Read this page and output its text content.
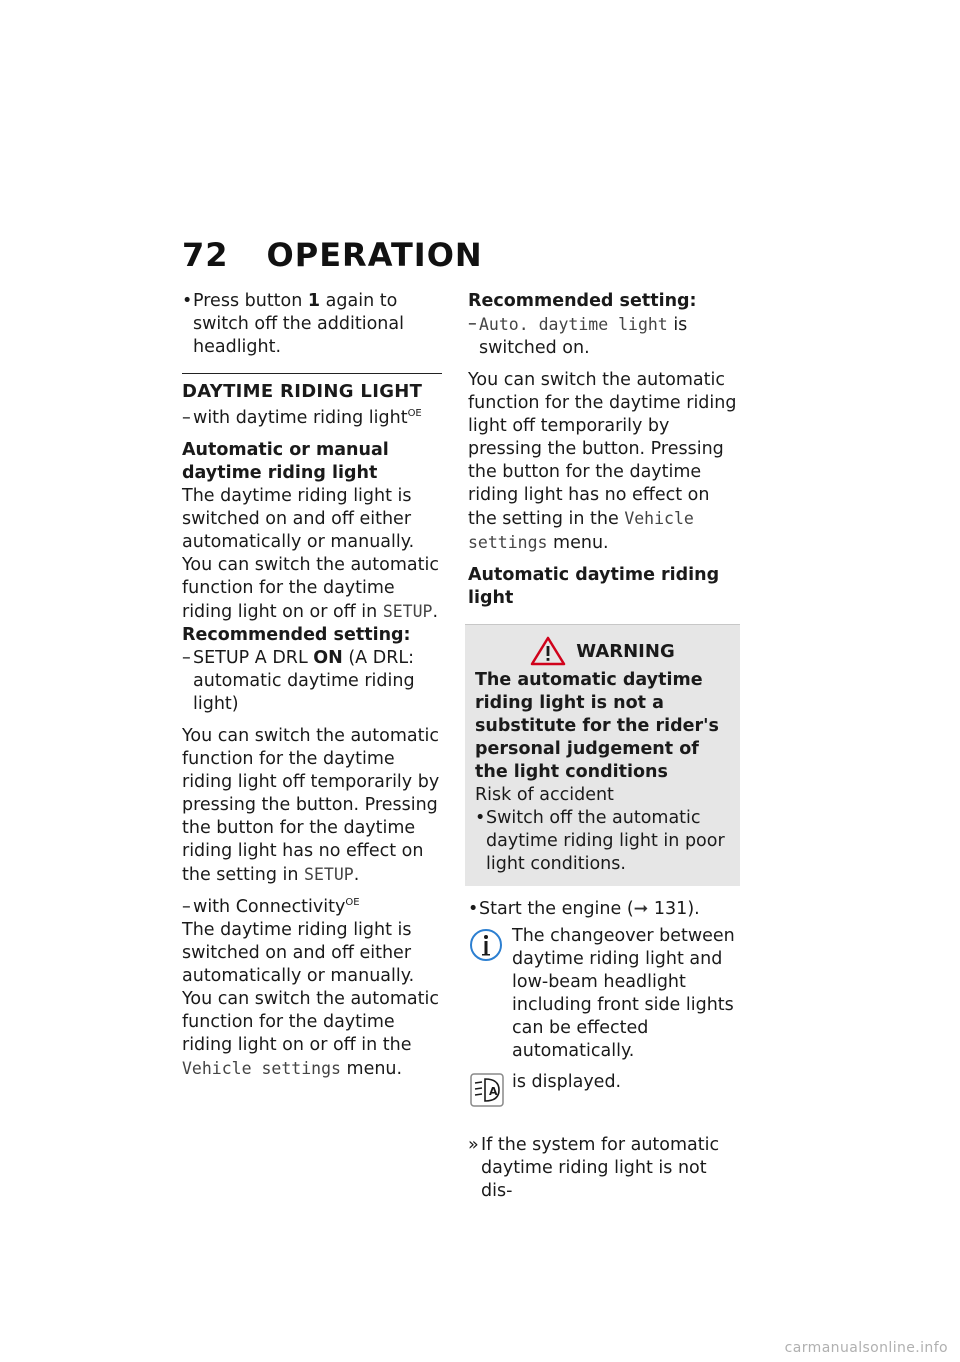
72 OPERATION

• Press button 1 again to switch off the additional headlight.

DAYTIME RIDING LIGHT

– with daytime riding light$^{OE}$

Automatic or manual daytime riding light

The daytime riding light is switched on and off either automatically or manually.

You can switch the automatic function for the daytime riding light on or off in SETUP.

Recommended setting:

– SETUP A DRL ON (A DRL: automatic daytime riding light)

You can switch the automatic function for the daytime riding light off temporarily by pressing the button. Pressing the button for the daytime riding light has no effect on the setting in SETUP.

– with Connectivity$^{OE}$

The daytime riding light is switched on and off either automatically or manually.

You can switch the automatic function for the daytime riding light on or off in the Vehicle settings menu.

Recommended setting:

– Auto. daytime light is switched on.

You can switch the automatic function for the daytime riding light off temporarily by pressing the button. Pressing the button for the daytime riding light has no effect on the setting in the Vehicle settings menu.

Automatic daytime riding light

WARNING
The automatic daytime riding light is not a substitute for the rider's personal judgement of the light conditions

Risk of accident

• Switch off the automatic daytime riding light in poor light conditions.

• Start the engine (➞ 131).

The changeover between daytime riding light and low-beam headlight including front side lights can be effected automatically.

A is displayed.

» If the system for automatic daytime riding light is not dis-

carmanualsonline.info
